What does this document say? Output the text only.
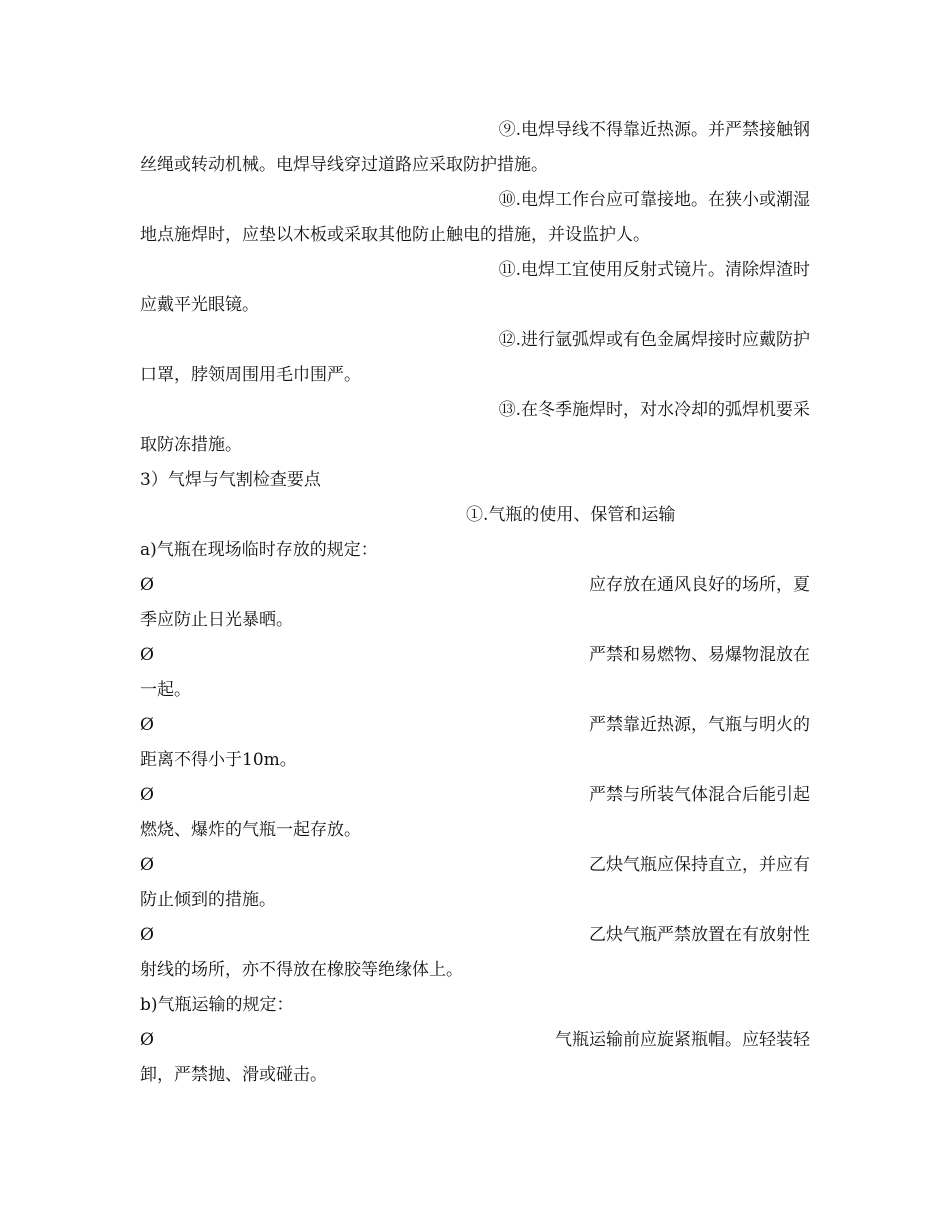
⑨.电焊导线不得靠近热源。并严禁接触钢
丝绳或转动机械。电焊导线穿过道路应采取防护措施。
⑩.电焊工作台应可靠接地。在狭小或潮湿
地点施焊时，应垫以木板或采取其他防止触电的措施，并设监护人。
⑪.电焊工宜使用反射式镜片。清除焊渣时
应戴平光眼镜。
⑫.进行氩弧焊或有色金属焊接时应戴防护
口罩，脖领周围用毛巾围严。
⑬.在冬季施焊时，对水冷却的弧焊机要采
取防冻措施。
3）气焊与气割检查要点
①.气瓶的使用、保管和运输
a)气瓶在现场临时存放的规定：
Ø	应存放在通风良好的场所，夏
季应防止日光暴晒。
Ø	严禁和易燃物、易爆物混放在
一起。
Ø	严禁靠近热源，气瓶与明火的
距离不得小于10m。
Ø	严禁与所装气体混合后能引起
燃烧、爆炸的气瓶一起存放。
Ø	乙炔气瓶应保持直立，并应有
防止倾到的措施。
Ø	乙炔气瓶严禁放置在有放射性
射线的场所，亦不得放在橡胶等绝缘体上。
b)气瓶运输的规定：
Ø	气瓶运输前应旋紧瓶帽。应轻装轻
卸，严禁抛、滑或碰击。
